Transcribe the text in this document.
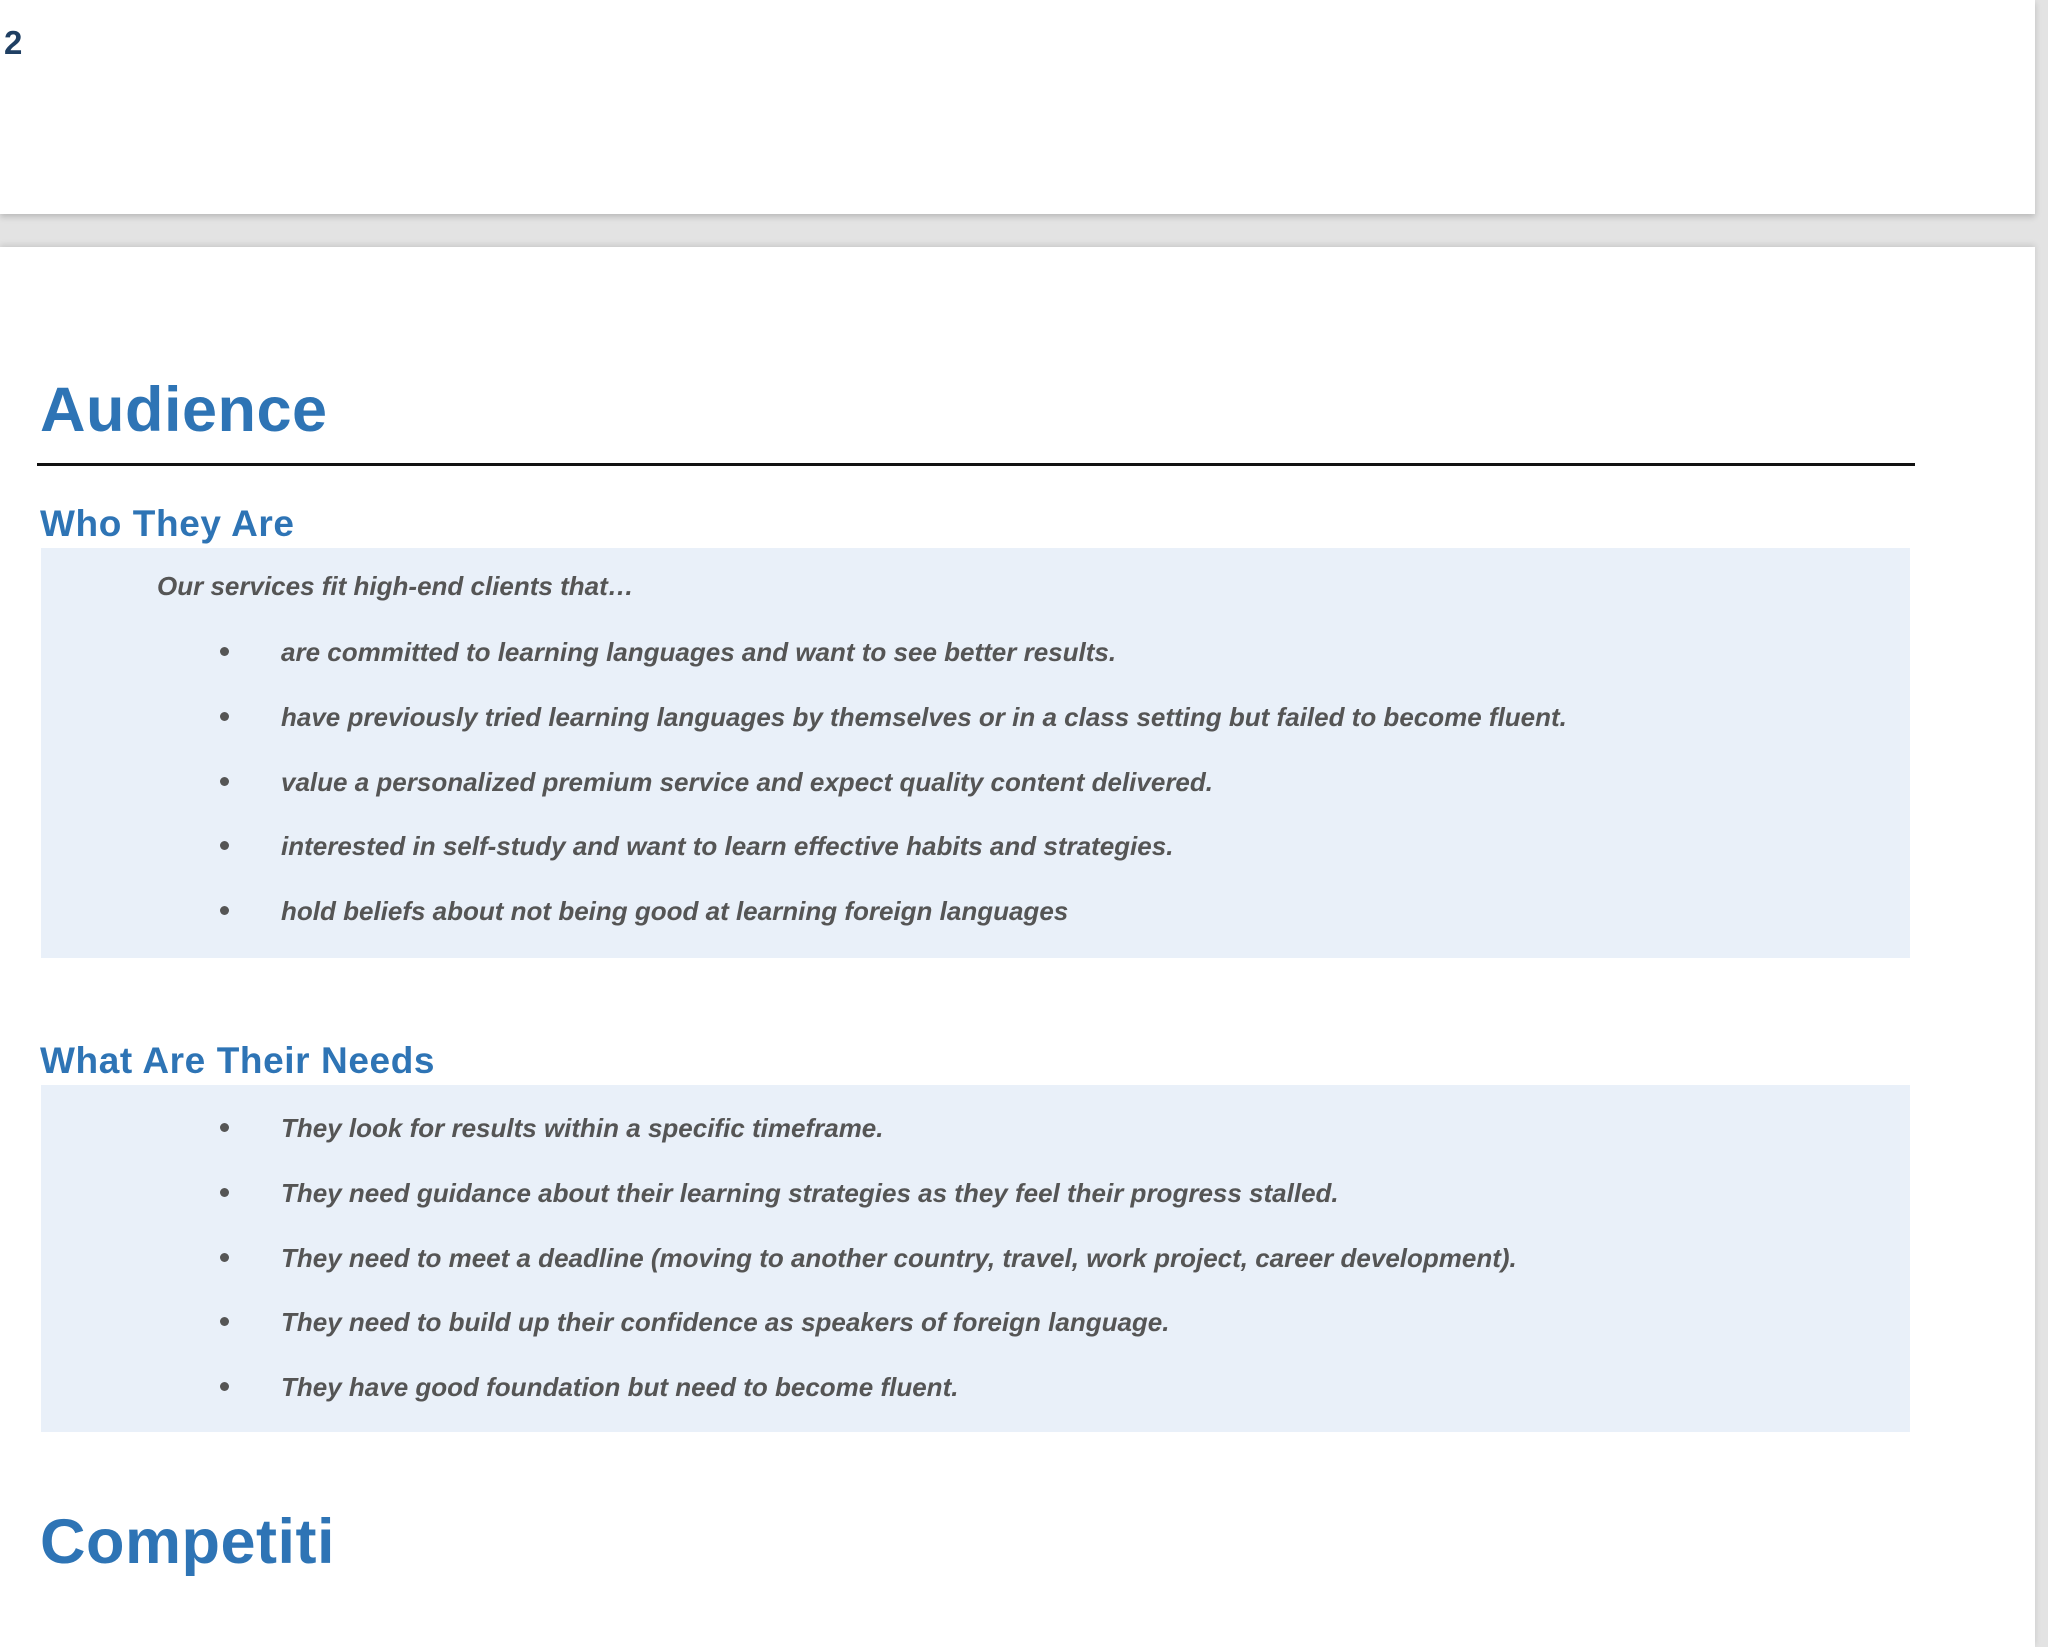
2
Audience
Who They Are

Our services fit high-end clients that…

are committed to learning languages and want to see better results.
have previously tried learning languages by themselves or in a class setting but failed to become fluent.
value a personalized premium service and expect quality content delivered.
interested in self-study and want to learn effective habits and strategies.
hold beliefs about not being good at learning foreign languages
What Are Their Needs
They look for results within a specific timeframe.
They need guidance about their learning strategies as they feel their progress stalled.
They need to meet a deadline (moving to another country, travel, work project, career development).
They need to build up their confidence as speakers of foreign language.
They have good foundation but need to become fluent.
Competiti
